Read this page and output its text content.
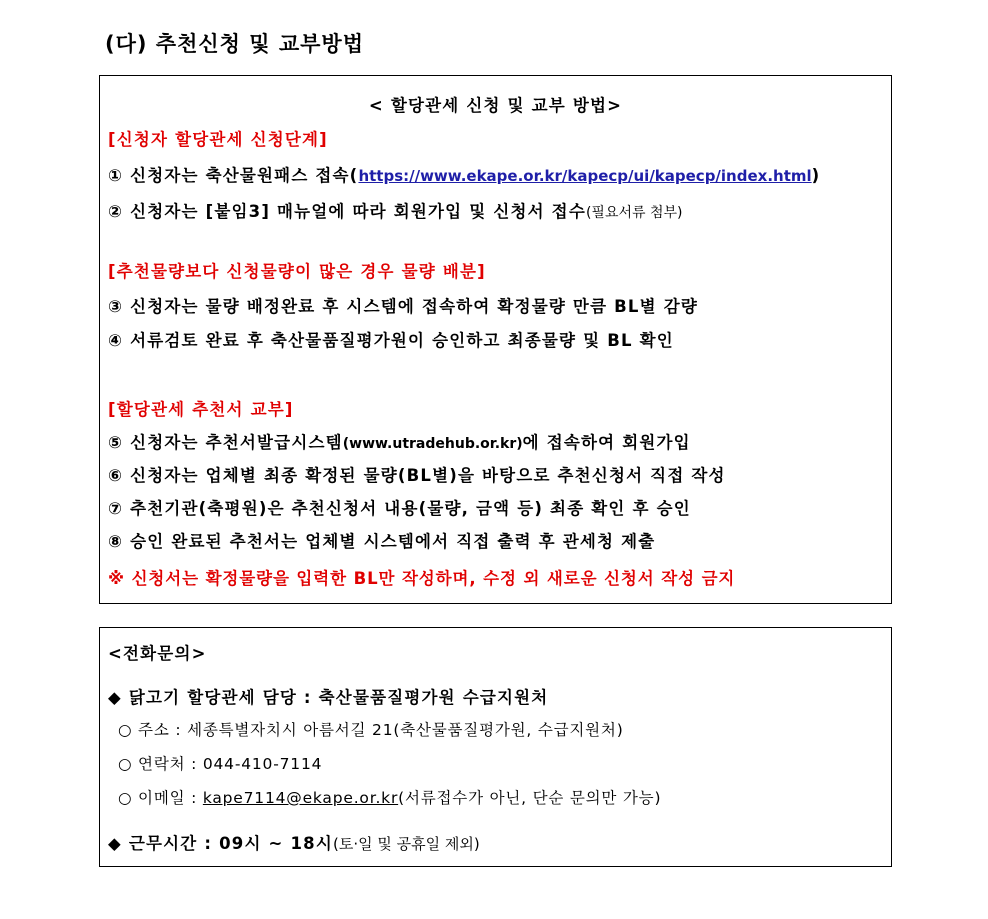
(다) 추천신청 및 교부방법
< 할당관세 신청 및 교부 방법>
[신청자 할당관세 신청단계]
① 신청자는 축산물원패스 접속(https://www.ekape.or.kr/kapecp/ui/kapecp/index.html)
② 신청자는 [붙임3] 매뉴얼에 따라 회원가입 및 신청서 접수(필요서류 첨부)
[추천물량보다 신청물량이 많은 경우 물량 배분]
③ 신청자는 물량 배정완료 후 시스템에 접속하여 확정물량 만큼 BL별 감량
④ 서류검토 완료 후 축산물품질평가원이 승인하고 최종물량 및 BL 확인
[할당관세 추천서 교부]
⑤ 신청자는 추천서발급시스템(www.utradehub.or.kr)에 접속하여 회원가입
⑥ 신청자는 업체별 최종 확정된 물량(BL별)을 바탕으로 추천신청서 직접 작성
⑦ 추천기관(축평원)은 추천신청서 내용(물량, 금액 등) 최종 확인 후 승인
⑧ 승인 완료된 추천서는 업체별 시스템에서 직접 출력 후 관세청 제출
※ 신청서는 확정물량을 입력한 BL만 작성하며, 수정 외 새로운 신청서 작성 금지
<전화문의>
◆ 닭고기 할당관세 담당 : 축산물품질평가원 수급지원처
○ 주소 : 세종특별자치시 아름서길 21(축산물품질평가원, 수급지원처)
○ 연락처 : 044-410-7114
○ 이메일 : kape7114@ekape.or.kr(서류접수가 아닌, 단순 문의만 가능)
◆ 근무시간 : 09시 ~ 18시(토·일 및 공휴일 제외)
